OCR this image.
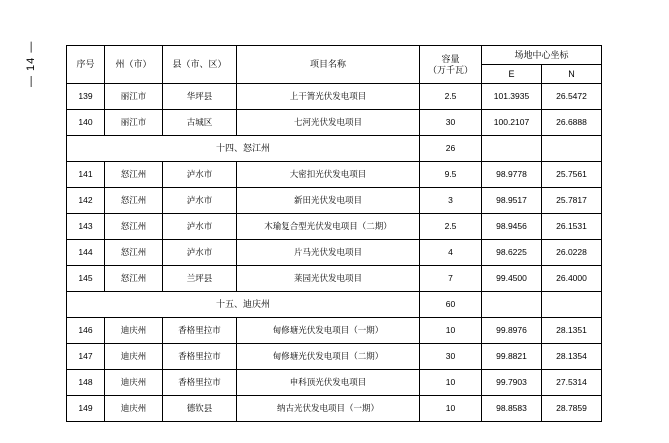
— 14 —	序号	州（市）	县（市、区）	项目名称	容量
（万千瓦）	场地中心坐标	
					E	N
139	丽江市	华坪县	上干箐光伏发电项目	2.5	101.3935	26.5472
140	丽江市	古城区	七河光伏发电项目	30	100.2107	26.6888
十四、怒江州				26		
141	怒江州	泸水市	大密扣光伏发电项目	9.5	98.9778	25.7561
142	怒江州	泸水市	新田光伏发电项目	3	98.9517	25.7817
143	怒江州	泸水市	木瑜复合型光伏发电项目（二期）	2.5	98.9456	26.1531
144	怒江州	泸水市	片马光伏发电项目	4	98.6225	26.0228
145	怒江州	兰坪县	莱园光伏发电项目	7	99.4500	26.4000
十五、迪庆州				60		
146	迪庆州	香格里拉市	甸修塘光伏发电项目（一期）	10	99.8976	28.1351
147	迪庆州	香格里拉市	甸修塘光伏发电项目（二期）	30	99.8821	28.1354
148	迪庆州	香格里拉市	申科顶光伏发电项目	10	99.7903	27.5314
149	迪庆州	德钦县	纳古光伏发电项目（一期）	10	98.8583	28.7859
